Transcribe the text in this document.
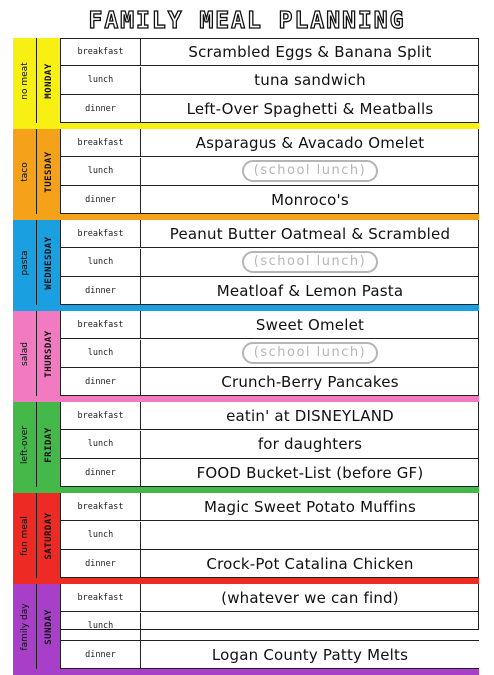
FAMILY MEAL PLANNING
no meat MONDAY
breakfast	Scrambled Eggs & Banana Split
lunch	tuna sandwich
dinner	Left-Over Spaghetti & Meatballs
taco TUESDAY
breakfast	Asparagus & Avacado Omelet
lunch	(school lunch)
dinner	Monroco's
pasta WEDNESDAY
breakfast	Peanut Butter Oatmeal & Scrambled
lunch	(school lunch)
dinner	Meatloaf & Lemon Pasta
salad THURSDAY
breakfast	Sweet Omelet
lunch	(school lunch)
dinner	Crunch-Berry Pancakes
left-over FRIDAY
breakfast	eatin' at DISNEYLAND
lunch	for daughters
dinner	FOOD Bucket-List (before GF)
fun meal SATURDAY
breakfast	Magic Sweet Potato Muffins
lunch
dinner	Crock-Pot Catalina Chicken
family day SUNDAY
breakfast	(whatever we can find)
lunch
dinner	Logan County Patty Melts
